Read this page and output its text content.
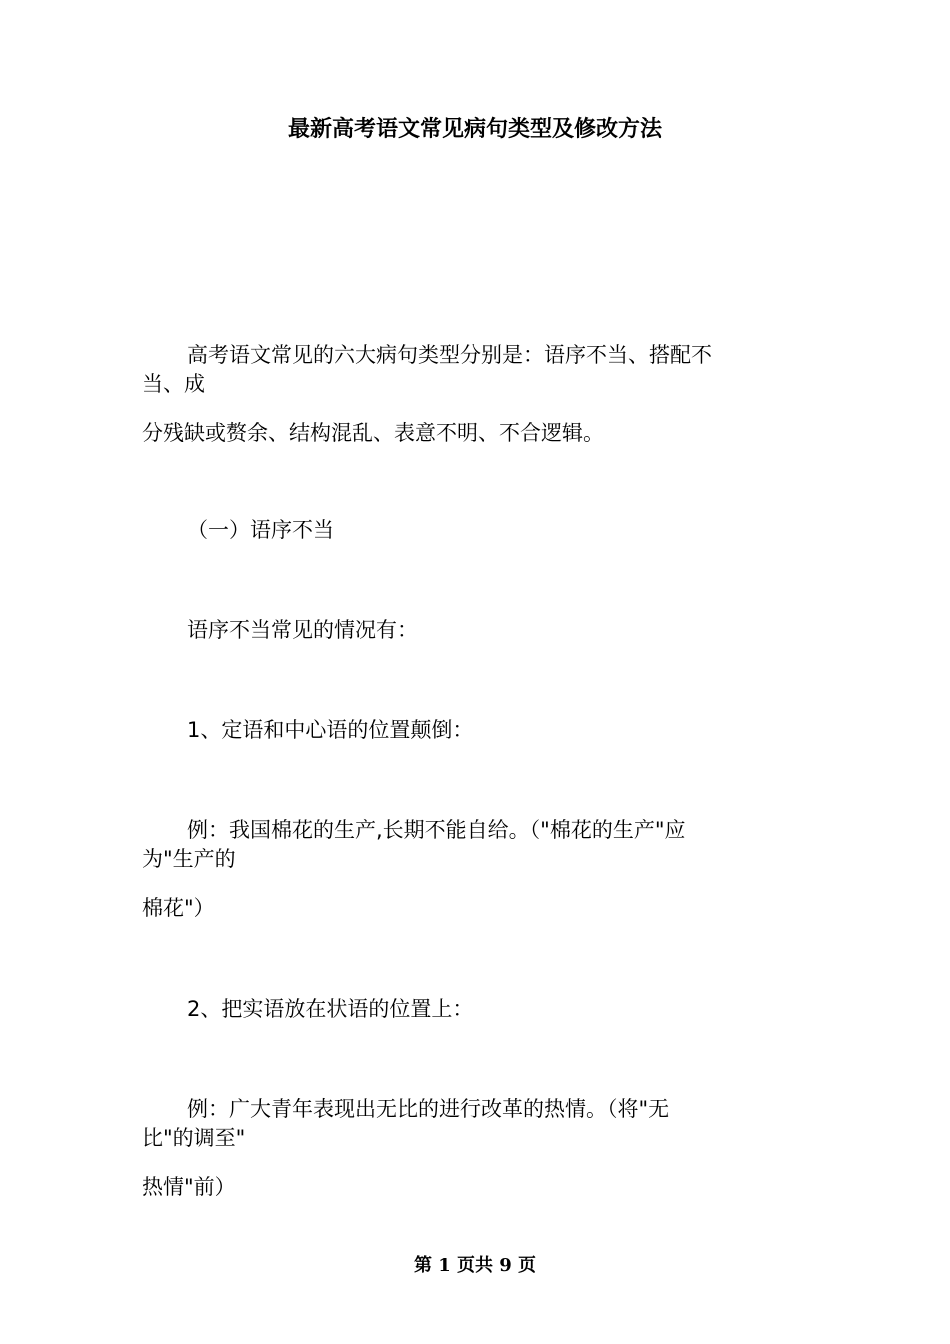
最新高考语文常见病句类型及修改方法
高考语文常见的六大病句类型分别是：语序不当、搭配不
当、成
分残缺或赘余、结构混乱、表意不明、不合逻辑。
（一）语序不当
语序不当常见的情况有：
1、定语和中心语的位置颠倒：
例：我国棉花的生产,长期不能自给。（"棉花的生产"应
为"生产的
棉花"）
2、把实语放在状语的位置上：
例：广大青年表现出无比的进行改革的热情。（将"无
比"的调至"
热情"前）
第 1 页共 9 页
